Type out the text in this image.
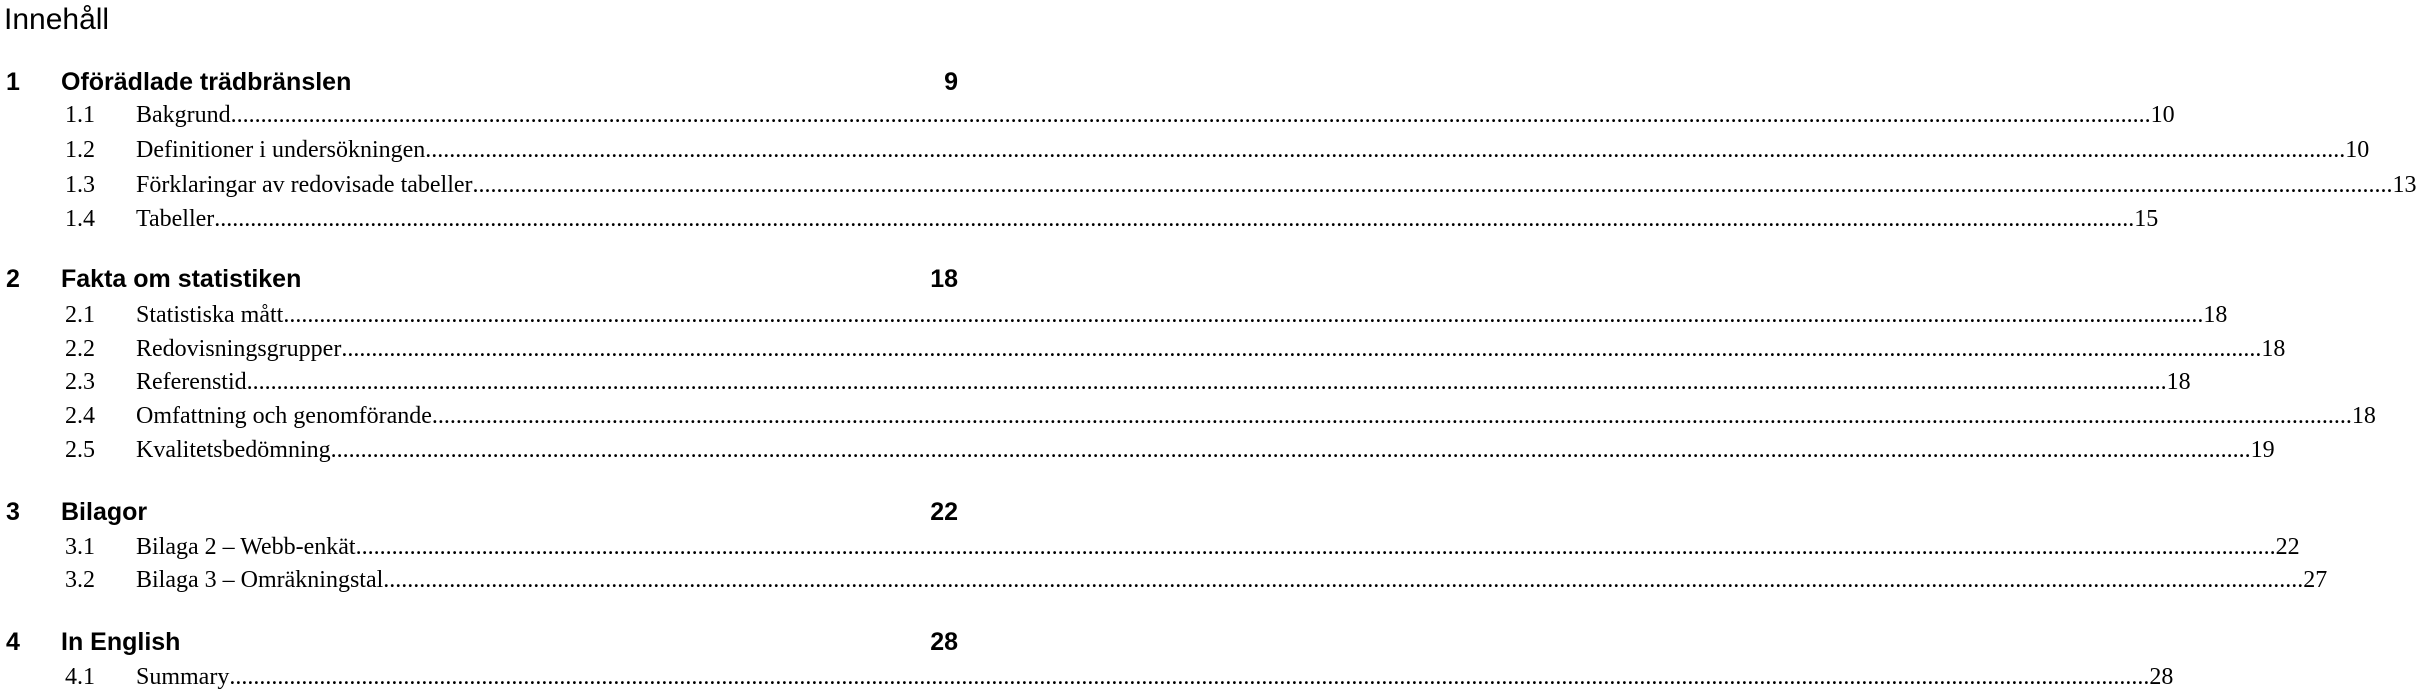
Innehåll
1 Oförädlade trädbränslen	9
1.1	Bakgrund ................................................................................................................................................................................................................................................................................................................................ 10
1.2	Definitioner i undersökningen ................................................................................................................................................................................................................................................................................................................................ 10
1.3	Förklaringar av redovisade tabeller ................................................................................................................................................................................................................................................................................................................................ 13
1.4	Tabeller ................................................................................................................................................................................................................................................................................................................................ 15
2 Fakta om statistiken	18
2.1	Statistiska mått ................................................................................................................................................................................................................................................................................................................................ 18
2.2	Redovisningsgrupper ................................................................................................................................................................................................................................................................................................................................ 18
2.3	Referenstid ................................................................................................................................................................................................................................................................................................................................ 18
2.4	Omfattning och genomförande ................................................................................................................................................................................................................................................................................................................................ 18
2.5	Kvalitetsbedömning ................................................................................................................................................................................................................................................................................................................................ 19
3 Bilagor	22
3.1	Bilaga 2 – Webb-enkät ................................................................................................................................................................................................................................................................................................................................ 22
3.2	Bilaga 3 – Omräkningstal ................................................................................................................................................................................................................................................................................................................................ 27
4 In English	28
4.1	Summary ................................................................................................................................................................................................................................................................................................................................ 28
